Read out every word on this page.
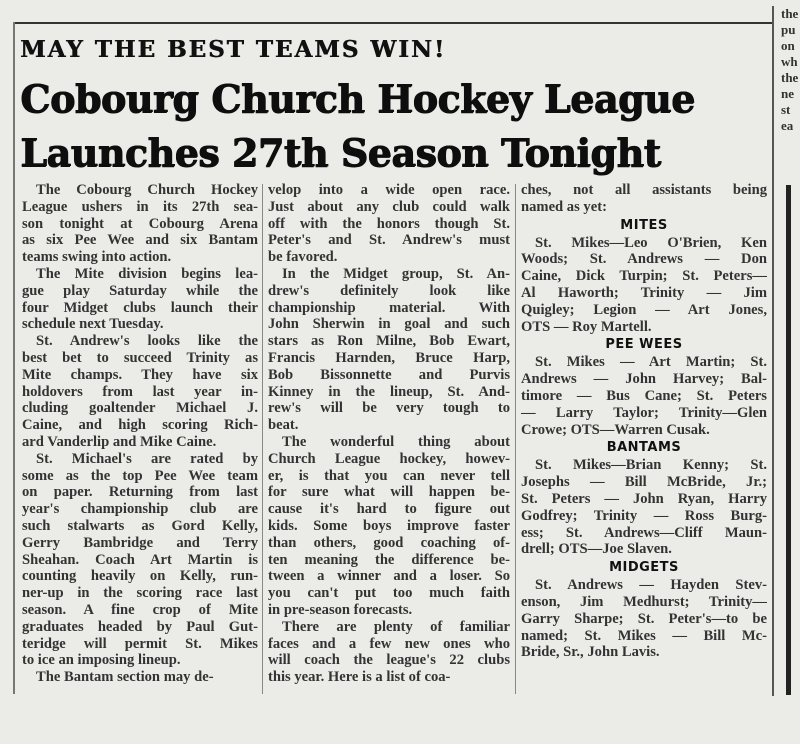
MAY THE BEST TEAMS WIN!
Cobourg Church Hockey League
Launches 27th Season Tonight
The Cobourg Church Hockey
League ushers in its 27th sea-
son tonight at Cobourg Arena
as six Pee Wee and six Bantam
teams swing into action.
The Mite division begins lea-
gue play Saturday while the
four Midget clubs launch their
schedule next Tuesday.
St. Andrew's looks like the
best bet to succeed Trinity as
Mite champs. They have six
holdovers from last year in-
cluding goaltender Michael J.
Caine, and high scoring Rich-
ard Vanderlip and Mike Caine.
St. Michael's are rated by
some as the top Pee Wee team
on paper. Returning from last
year's championship club are
such stalwarts as Gord Kelly,
Gerry Bambridge and Terry
Sheahan. Coach Art Martin is
counting heavily on Kelly, run-
ner-up in the scoring race last
season. A fine crop of Mite
graduates headed by Paul Gut-
teridge will permit St. Mikes
to ice an imposing lineup.
The Bantam section may de-
velop into a wide open race.
Just about any club could walk
off with the honors though St.
Peter's and St. Andrew's must
be favored.
In the Midget group, St. An-
drew's definitely look like
championship material. With
John Sherwin in goal and such
stars as Ron Milne, Bob Ewart,
Francis Harnden, Bruce Harp,
Bob Bissonnette and Purvis
Kinney in the lineup, St. And-
rew's will be very tough to
beat.
The wonderful thing about
Church League hockey, howev-
er, is that you can never tell
for sure what will happen be-
cause it's hard to figure out
kids. Some boys improve faster
than others, good coaching of-
ten meaning the difference be-
tween a winner and a loser. So
you can't put too much faith
in pre-season forecasts.
There are plenty of familiar
faces and a few new ones who
will coach the league's 22 clubs
this year. Here is a list of coa-
ches, not all assistants being
named as yet:
MITES
St. Mikes—Leo O'Brien, Ken
Woods; St. Andrews — Don
Caine, Dick Turpin; St. Peters—
Al Haworth; Trinity — Jim
Quigley; Legion — Art Jones,
OTS — Roy Martell.
PEE WEES
St. Mikes — Art Martin; St.
Andrews — John Harvey; Bal-
timore — Bus Cane; St. Peters
— Larry Taylor; Trinity—Glen
Crowe; OTS—Warren Cusak.
BANTAMS
St. Mikes—Brian Kenny; St.
Josephs — Bill McBride, Jr.;
St. Peters — John Ryan, Harry
Godfrey; Trinity — Ross Burg-
ess; St. Andrews—Cliff Maun-
drell; OTS—Joe Slaven.
MIDGETS
St. Andrews — Hayden Stev-
enson, Jim Medhurst; Trinity—
Garry Sharpe; St. Peter's—to be
named; St. Mikes — Bill Mc-
Bride, Sr., John Lavis.
the
pu
on
wh
the
ne
st
ea
